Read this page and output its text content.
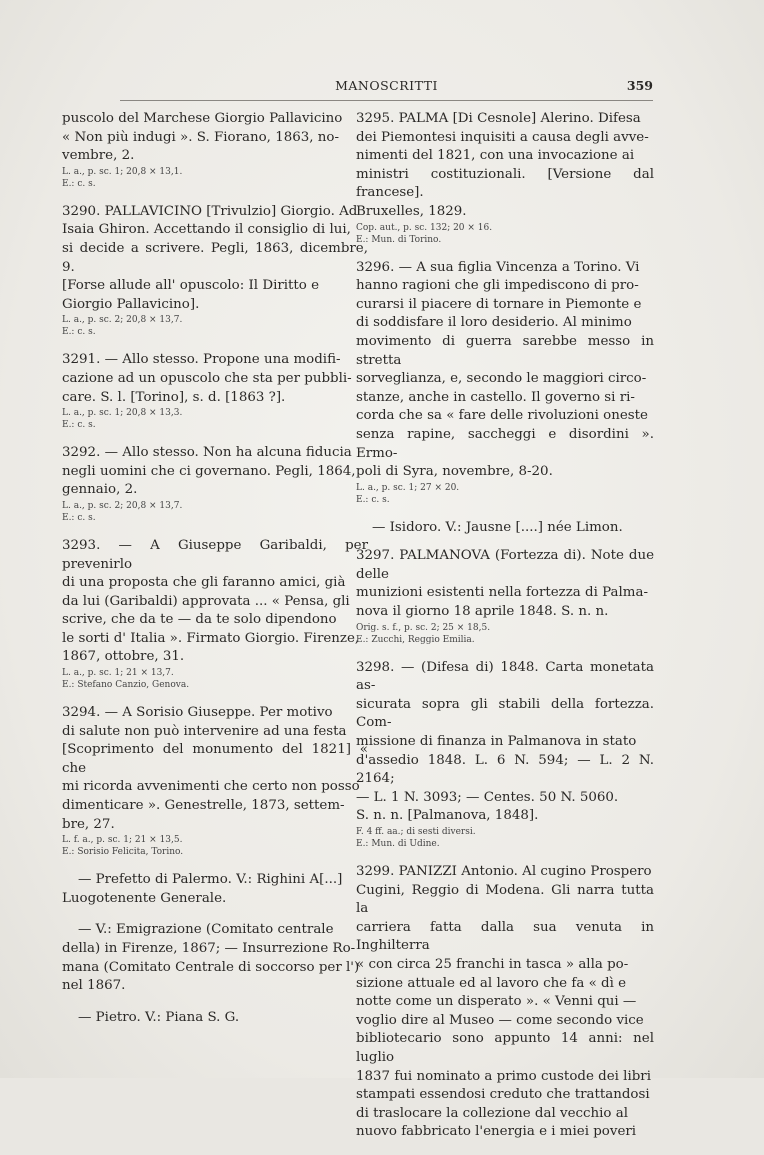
MANOSCRITTI	359

puscolo del Marchese Giorgio Pallavicino

« Non più indugi ». S. Fiorano, 1863, no-

vembre, 2.

L. a., p. sc. 1; 20,8 × 13,1.

E.: c. s.

3290. PALLAVICINO [Trivulzio] Giorgio. Ad

Isaia Ghiron. Accettando il consiglio di lui,

si decide a scrivere. Pegli, 1863, dicembre, 9.

[Forse allude all' opuscolo: Il Diritto e

Giorgio Pallavicino].

L. a., p. sc. 2; 20,8 × 13,7.

E.: c. s.

3291. — Allo stesso. Propone una modifi-

cazione ad un opuscolo che sta per pubbli-

care. S. l. [Torino], s. d. [1863 ?].

L. a., p. sc. 1; 20,8 × 13,3.

E.: c. s.

3292. — Allo stesso. Non ha alcuna fiducia

negli uomini che ci governano. Pegli, 1864,

gennaio, 2.

L. a., p. sc. 2; 20,8 × 13,7.

E.: c. s.

3293. — A Giuseppe Garibaldi, per prevenirlo

di una proposta che gli faranno amici, già

da lui (Garibaldi) approvata ... « Pensa, gli

scrive, che da te — da te solo dipendono

le sorti d' Italia ». Firmato Giorgio. Firenze,

1867, ottobre, 31.

L. a., p. sc. 1; 21 × 13,7.

E.: Stefano Canzio, Genova.

3294. — A Sorisio Giuseppe. Per motivo

di salute non può intervenire ad una festa

[Scoprimento del monumento del 1821] « che

mi ricorda avvenimenti che certo non posso

dimenticare ». Genestrelle, 1873, settem-

bre, 27.

L. f. a., p. sc. 1; 21 × 13,5.

E.: Sorisio Felicita, Torino.

— Prefetto di Palermo. V.: Righini A[...]

Luogotenente Generale.

— V.: Emigrazione (Comitato centrale

della) in Firenze, 1867; — Insurrezione Ro-

mana (Comitato Centrale di soccorso per l')

nel 1867.

— Pietro. V.: Piana S. G.

3295. PALMA [Di Cesnole] Alerino. Difesa

dei Piemontesi inquisiti a causa degli avve-

nimenti del 1821, con una invocazione ai

ministri costituzionali. [Versione dal francese].

Bruxelles, 1829.

Cop. aut., p. sc. 132; 20 × 16.

E.: Mun. di Torino.

3296. — A sua figlia Vincenza a Torino. Vi

hanno ragioni che gli impediscono di pro-

curarsi il piacere di tornare in Piemonte e

di soddisfare il loro desiderio. Al minimo

movimento di guerra sarebbe messo in stretta

sorveglianza, e, secondo le maggiori circo-

stanze, anche in castello. Il governo si ri-

corda che sa « fare delle rivoluzioni oneste

senza rapine, saccheggi e disordini ». Ermo-

poli di Syra, novembre, 8-20.

L. a., p. sc. 1; 27 × 20.

E.: c. s.

— Isidoro. V.: Jausne [....] née Limon.

3297. PALMANOVA (Fortezza di). Note due delle

munizioni esistenti nella fortezza di Palma-

nova il giorno 18 aprile 1848. S. n. n.

Orig. s. f., p. sc. 2; 25 × 18,5.

E.: Zucchi, Reggio Emilia.

3298. — (Difesa di) 1848. Carta monetata as-

sicurata sopra gli stabili della fortezza. Com-

missione di finanza in Palmanova in stato

d'assedio 1848. L. 6 N. 594; — L. 2 N. 2164;

— L. 1 N. 3093; — Centes. 50 N. 5060.

S. n. n. [Palmanova, 1848].

F. 4 ff. aa.; di sesti diversi.

E.: Mun. di Udine.

3299. PANIZZI Antonio. Al cugino Prospero

Cugini, Reggio di Modena. Gli narra tutta la

carriera fatta dalla sua venuta in Inghilterra

« con circa 25 franchi in tasca » alla po-

sizione attuale ed al lavoro che fa « dì e

notte come un disperato ». « Venni qui —

voglio dire al Museo — come secondo vice

bibliotecario sono appunto 14 anni: nel luglio

1837 fui nominato a primo custode dei libri

stampati essendosi creduto che trattandosi

di traslocare la collezione dal vecchio al

nuovo fabbricato l'energia e i miei poveri
